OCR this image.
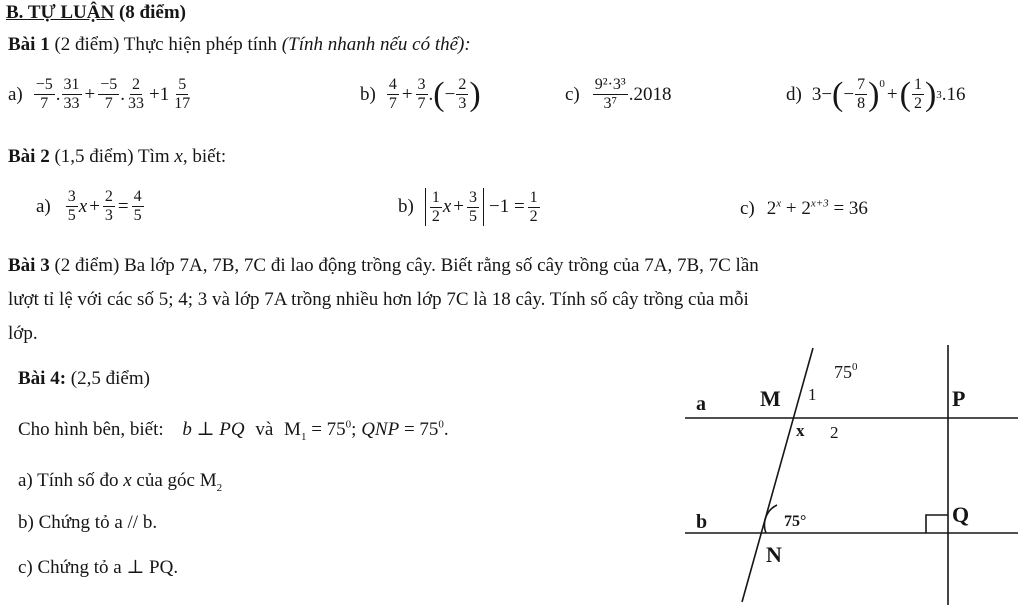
B. TỰ LUẬN (8 điểm)
Bài 1 (2 điểm) Thực hiện phép tính (Tính nhanh nếu có thể):
$a) \frac{-5}{7}$ . $\frac{31}{33} + \frac{-5}{7}$ . $\frac{2}{33} +1 \frac{5}{17}$	$b) \frac{4}{7} + \frac{3}{7}$ . ( − $\frac{2}{3}$ )	$c) \frac{\text{9²·3³}}{\text{3⁷}} .2018$	d) 3− ( − $\frac{7}{8}$ ) 0 + ( $\frac{1}{2}$ ) 3 .16
Bài 2 (1,5 điểm) Tìm x, biết:
$a) \frac{3}{5}$ $x + \frac{2}{3} = \frac{4}{5}$	$b) \frac{1}{2}$ $x + \frac{3}{5} -1 = \frac{1}{2}$	c) $2^x + 2^{x+3} = 36$
Bài 3 (2 điểm) Ba lớp 7A, 7B, 7C đi lao động trồng cây. Biết rằng số cây trồng của 7A, 7B, 7C lần
lượt tỉ lệ với các số 5; 4; 3 và lớp 7A trồng nhiều hơn lớp 7C là 18 cây. Tính số cây trồng của mỗi
lớp.
Bài 4: (2,5 điểm)
Cho hình bên, biết: b ⊥ PQ và $M_1 = 75^0$; QNP = $75^0$.
a) Tính số đo x của góc $M_2$
b) Chứng tỏ a // b.
c) Chứng tỏ a ⊥ PQ.
a
b
M
N
P
Q
75°
x
1
2
$75^0$
